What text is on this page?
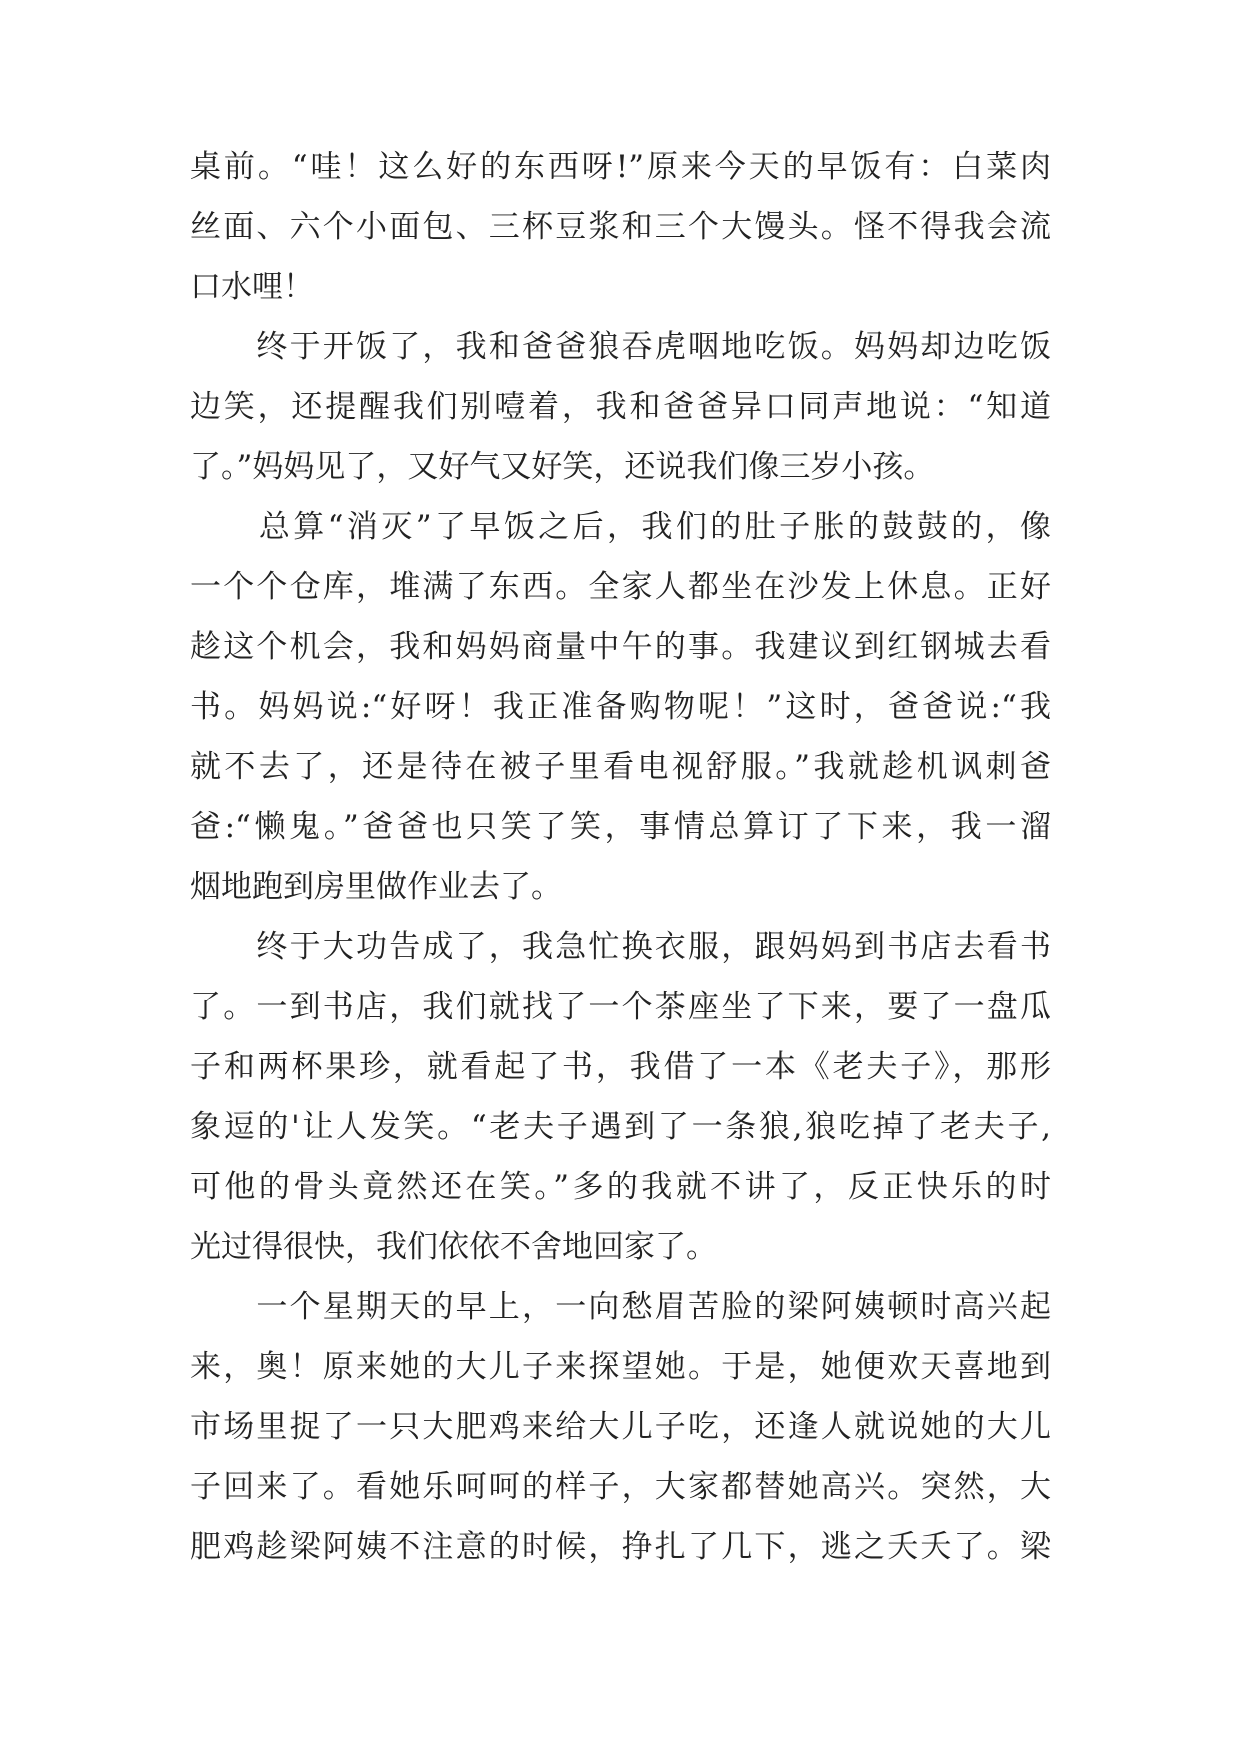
桌前。“哇！这么好的东西呀!”原来今天的早饭有：白菜肉
丝面、六个小面包、三杯豆浆和三个大馒头。怪不得我会流
口水哩！
　　终于开饭了，我和爸爸狼吞虎咽地吃饭。妈妈却边吃饭
边笑，还提醒我们别噎着，我和爸爸异口同声地说：“知道
了。”妈妈见了，又好气又好笑，还说我们像三岁小孩。
　　总算“消灭”了早饭之后，我们的肚子胀的鼓鼓的，像
一个个仓库，堆满了东西。全家人都坐在沙发上休息。正好
趁这个机会，我和妈妈商量中午的事。我建议到红钢城去看
书。妈妈说:“好呀！我正准备购物呢！”这时，爸爸说:“我
就不去了，还是待在被子里看电视舒服。”我就趁机讽刺爸
爸:“懒鬼。”爸爸也只笑了笑，事情总算订了下来，我一溜
烟地跑到房里做作业去了。
　　终于大功告成了，我急忙换衣服，跟妈妈到书店去看书
了。一到书店，我们就找了一个茶座坐了下来，要了一盘瓜
子和两杯果珍，就看起了书，我借了一本《老夫子》，那形
象逗的'让人发笑。“老夫子遇到了一条狼,狼吃掉了老夫子,
可他的骨头竟然还在笑。”多的我就不讲了，反正快乐的时
光过得很快，我们依依不舍地回家了。
　　一个星期天的早上，一向愁眉苦脸的梁阿姨顿时高兴起
来，奥！原来她的大儿子来探望她。于是，她便欢天喜地到
市场里捉了一只大肥鸡来给大儿子吃，还逢人就说她的大儿
子回来了。看她乐呵呵的样子，大家都替她高兴。突然，大
肥鸡趁梁阿姨不注意的时候，挣扎了几下，逃之夭夭了。梁
